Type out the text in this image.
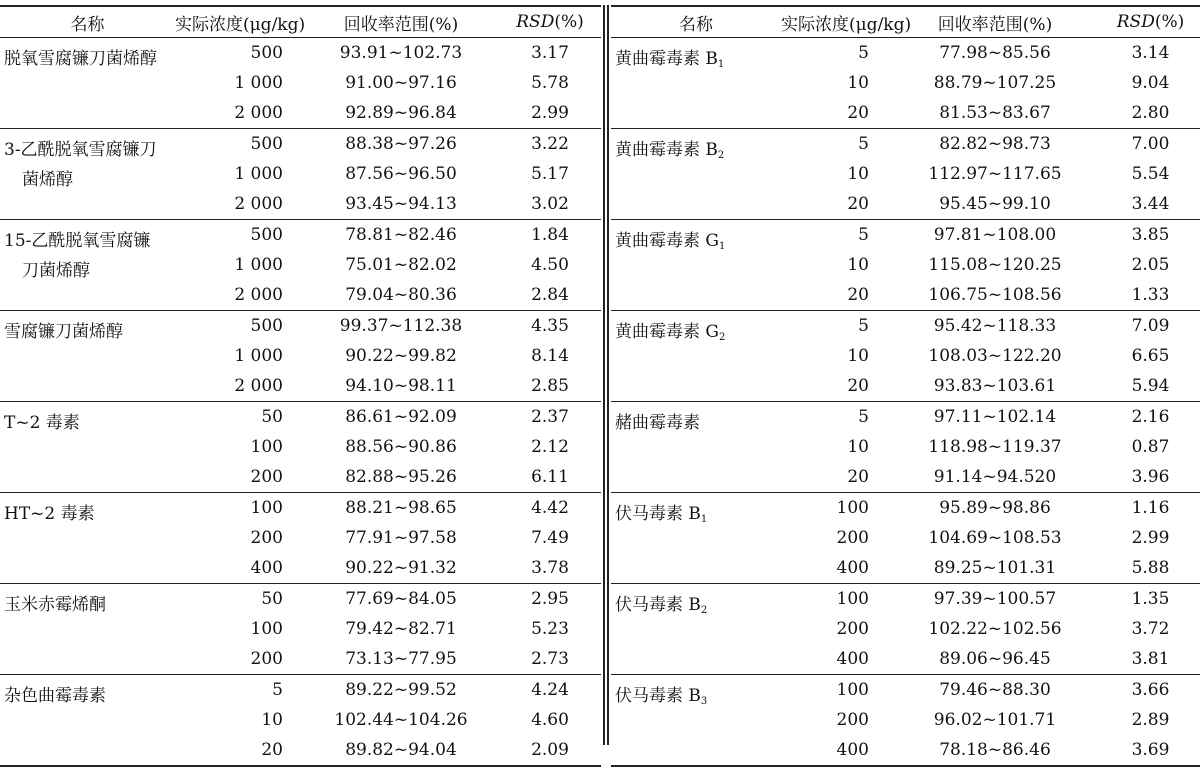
名称	实际浓度(μg/kg)	回收率范围(%)	RSD(%)
脱氧雪腐镰刀菌烯醇	500	93.91~102.73	3.17
	1 000	91.00~97.16	5.78
	2 000	92.89~96.84	2.99
3-乙酰脱氧雪腐镰刀
菌烯醇	500	88.38~97.26	3.22
	1 000	87.56~96.50	5.17
	2 000	93.45~94.13	3.02
15-乙酰脱氧雪腐镰
刀菌烯醇	500	78.81~82.46	1.84
	1 000	75.01~82.02	4.50
	2 000	79.04~80.36	2.84
雪腐镰刀菌烯醇	500	99.37~112.38	4.35
	1 000	90.22~99.82	8.14
	2 000	94.10~98.11	2.85
T~2 毒素	50	86.61~92.09	2.37
	100	88.56~90.86	2.12
	200	82.88~95.26	6.11
HT~2 毒素	100	88.21~98.65	4.42
	200	77.91~97.58	7.49
	400	90.22~91.32	3.78
玉米赤霉烯酮	50	77.69~84.05	2.95
	100	79.42~82.71	5.23
	200	73.13~77.95	2.73
杂色曲霉毒素	5	89.22~99.52	4.24
	10	102.44~104.26	4.60
	20	89.82~94.04	2.09
名称	实际浓度(μg/kg)	回收率范围(%)	RSD(%)
黄曲霉毒素 $B_1$	5	77.98~85.56	3.14
	10	88.79~107.25	9.04
	20	81.53~83.67	2.80
黄曲霉毒素 $B_2$	5	82.82~98.73	7.00
	10	112.97~117.65	5.54
	20	95.45~99.10	3.44
黄曲霉毒素 $G_1$	5	97.81~108.00	3.85
	10	115.08~120.25	2.05
	20	106.75~108.56	1.33
黄曲霉毒素 $G_2$	5	95.42~118.33	7.09
	10	108.03~122.20	6.65
	20	93.83~103.61	5.94
赭曲霉毒素	5	97.11~102.14	2.16
	10	118.98~119.37	0.87
	20	91.14~94.520	3.96
伏马毒素 $B_1$	100	95.89~98.86	1.16
	200	104.69~108.53	2.99
	400	89.25~101.31	5.88
伏马毒素 $B_2$	100	97.39~100.57	1.35
	200	102.22~102.56	3.72
	400	89.06~96.45	3.81
伏马毒素 $B_3$	100	79.46~88.30	3.66
	200	96.02~101.71	2.89
	400	78.18~86.46	3.69
